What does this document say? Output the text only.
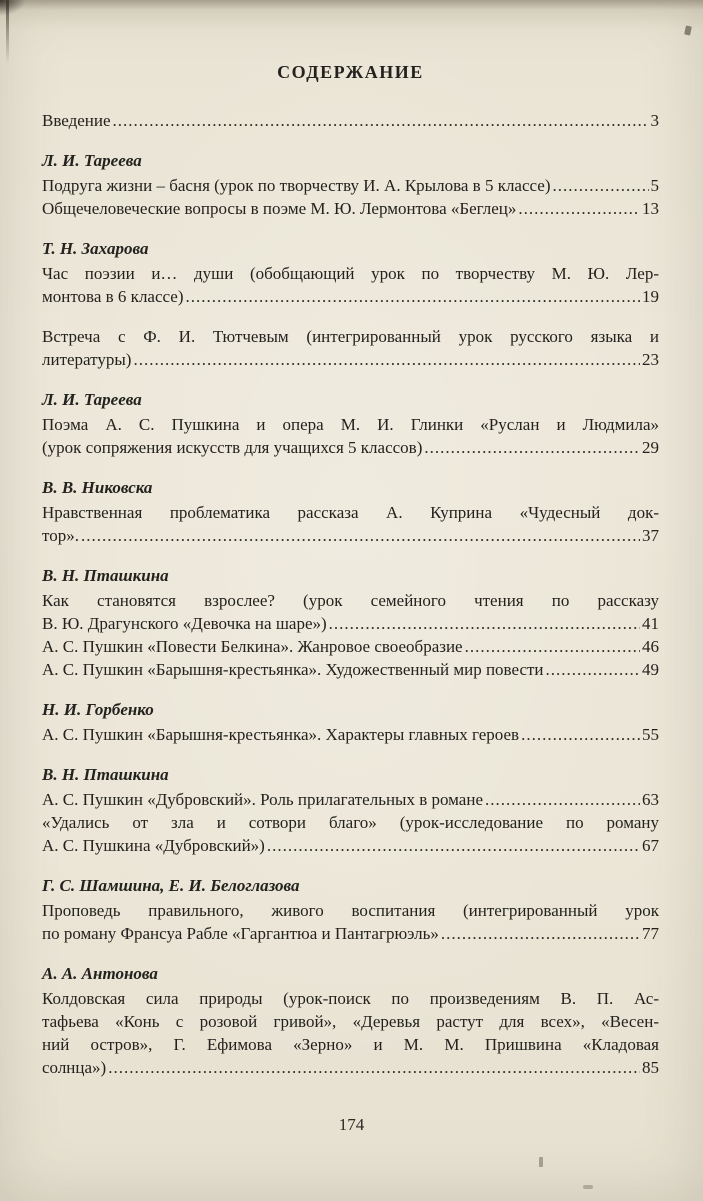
СОДЕРЖАНИЕ
Введение .....	3
Л. И. Тареева
Подруга жизни – басня (урок по творчеству И. А. Крылова в 5 классе) .....	5
Общечеловеческие вопросы в поэме М. Ю. Лермонтова «Беглец» .....	13
Т. Н. Захарова
Час поэзии и… души (обобщающий урок по творчеству М. Ю. Лер-
монтова в 6 классе) .....	19
Встреча с Ф. И. Тютчевым (интегрированный урок русского языка и
литературы) .....	23
Л. И. Тареева
Поэма А. С. Пушкина и опера М. И. Глинки «Руслан и Людмила»
(урок сопряжения искусств для учащихся 5 классов) .....	29
В. В. Никовска
Нравственная проблематика рассказа А. Куприна «Чудесный док-
тор». .....	37
В. Н. Пташкина
Как становятся взрослее? (урок семейного чтения по рассказу
В. Ю. Драгунского «Девочка на шаре») .....	41
А. С. Пушкин «Повести Белкина». Жанровое своеобразие .....	46
А. С. Пушкин «Барышня-крестьянка». Художественный мир повести .....	49
Н. И. Горбенко
А. С. Пушкин «Барышня-крестьянка». Характеры главных героев .....	55
В. Н. Пташкина
А. С. Пушкин «Дубровский». Роль прилагательных в романе .....	63
«Удались от зла и сотвори благо» (урок-исследование по роману
А. С. Пушкина «Дубровский») .....	67
Г. С. Шамшина, Е. И. Белоглазова
Проповедь правильного, живого воспитания (интегрированный урок
по роману Франсуа Рабле «Гаргантюа и Пантагрюэль» .....	77
А. А. Антонова
Колдовская сила природы (урок-поиск по произведениям В. П. Ас-
тафьева «Конь с розовой гривой», «Деревья растут для всех», «Весен-
ний остров», Г. Ефимова «Зерно» и М. М. Пришвина «Кладовая
солнца») .....	85
174
